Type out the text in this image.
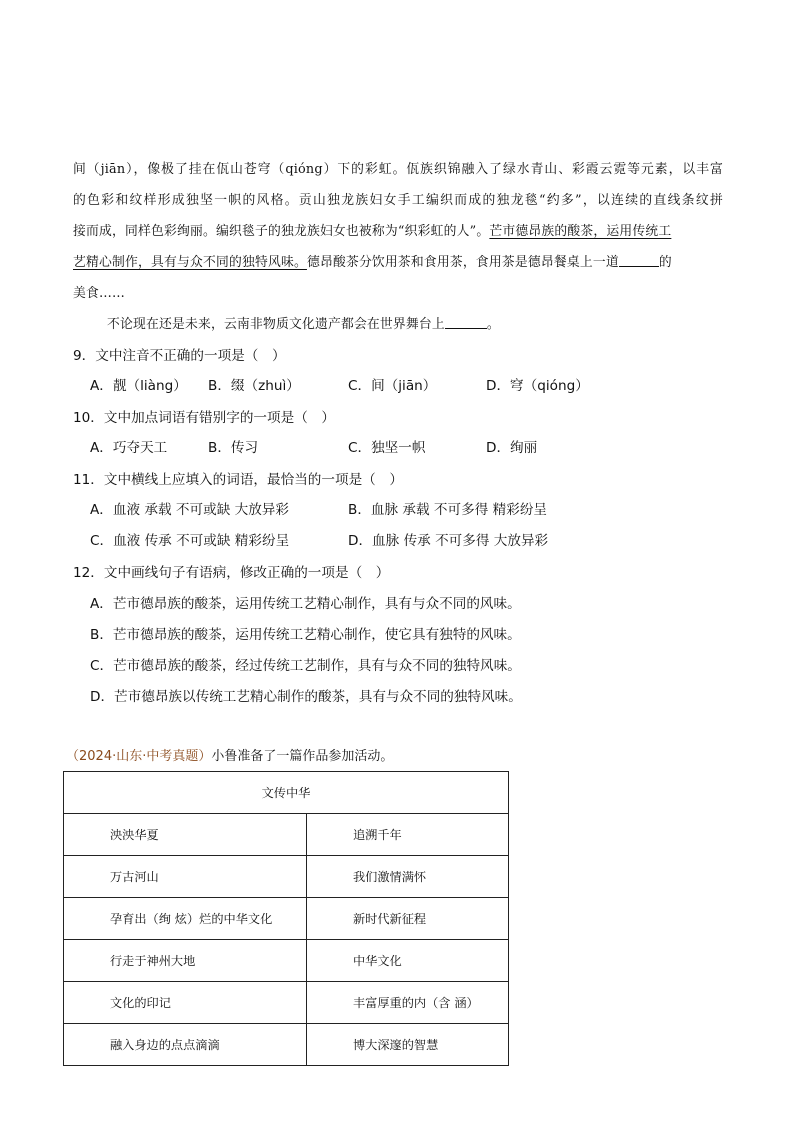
间（jiān），像极了挂在佤山苍穹（qióng）下的彩虹。佤族织锦融入了绿水青山、彩霞云霓等元素，以丰富
的色彩和纹样形成独坚一帜的风格。贡山独龙族妇女手工编织而成的独龙毯“约多”，以连续的直线条纹拼
接而成，同样色彩绚丽。编织毯子的独龙族妇女也被称为“织彩虹的人”。芒市德昂族的酸茶，运用传统工
艺精心制作，具有与众不同的独特风味。德昂酸茶分饮用茶和食用茶，食用茶是德昂餐桌上一道	的
美食……
不论现在还是未来，云南非物质文化遗产都会在世界舞台上	。
9．文中注音不正确的一项是（　）
A．靓（liàng） B．缀（zhuì）	C．间（jiān）	D．穹（qióng）
10．文中加点词语有错别字的一项是（　）
A．巧夺天工	B．传习	C．独坚一帜	D．绚丽
11．文中横线上应填入的词语，最恰当的一项是（　）
A．血液 承载 不可或缺 大放异彩	B．血脉 承载 不可多得 精彩纷呈
C．血液 传承 不可或缺 精彩纷呈	D．血脉 传承 不可多得 大放异彩
12．文中画线句子有语病，修改正确的一项是（　）
A．芒市德昂族的酸茶，运用传统工艺精心制作，具有与众不同的风味。
B．芒市德昂族的酸茶，运用传统工艺精心制作，使它具有独特的风味。
C．芒市德昂族的酸茶，经过传统工艺制作，具有与众不同的独特风味。
D．芒市德昂族以传统工艺精心制作的酸茶，具有与众不同的独特风味。
（2024·山东·中考真题）小鲁准备了一篇作品参加活动。
文传中华	
泱泱华夏	追溯千年
万古河山	我们激情满怀
孕育出（绚 炫）烂的中华文化	新时代新征程
行走于神州大地	中华文化
文化的印记	丰富厚重的内（含 涵）
融入身边的点点滴滴	博大深邃的智慧
